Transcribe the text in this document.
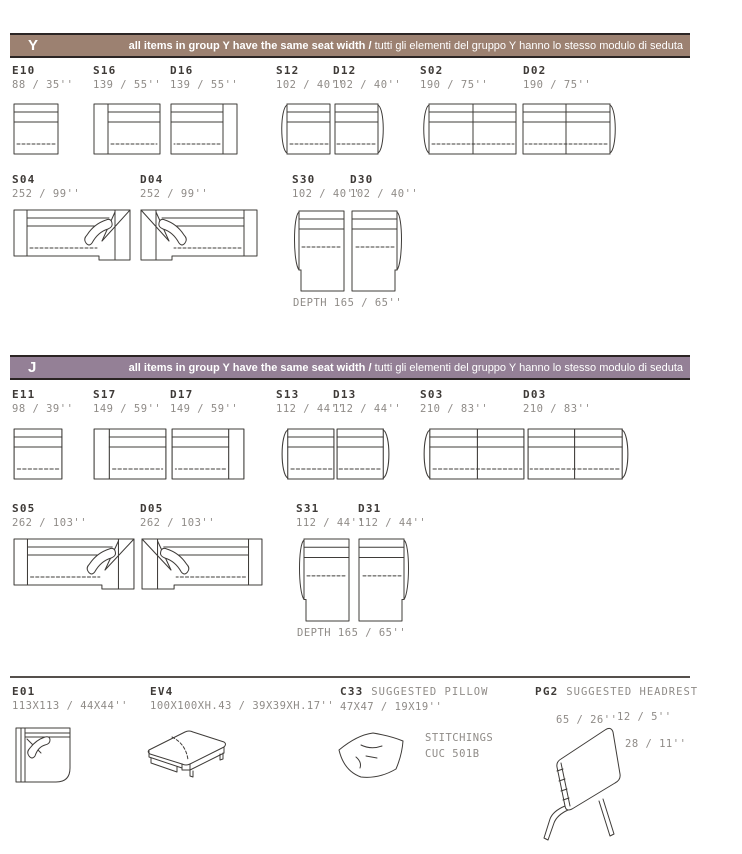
Y	all items in group Y have the same seat width / tutti gli elementi del gruppo Y hanno lo stesso modulo di seduta
E10
88 / 35''
S16
139 / 55''
D16
139 / 55''
S12
102 / 40''
D12
102 / 40''
S02
190 / 75''
D02
190 / 75''
S04
252 / 99''
D04
252 / 99''
S30
102 / 40''
D30
102 / 40''
DEPTH 165 / 65''
J	all items in group Y have the same seat width / tutti gli elementi del gruppo Y hanno lo stesso modulo di seduta
E11
98 / 39''
S17
149 / 59''
D17
149 / 59''
S13
112 / 44''
D13
112 / 44''
S03
210 / 83''
D03
210 / 83''
S05
262 / 103''
D05
262 / 103''
S31
112 / 44''
D31
112 / 44''
DEPTH 165 / 65''
E01
113X113 / 44X44''
EV4
100X100XH.43 / 39X39XH.17''
C33 SUGGESTED PILLOW
47X47 / 19X19''
PG2 SUGGESTED HEADREST
STITCHINGS
CUC 501B
65 / 26'' 12 / 5''
28 / 11''
